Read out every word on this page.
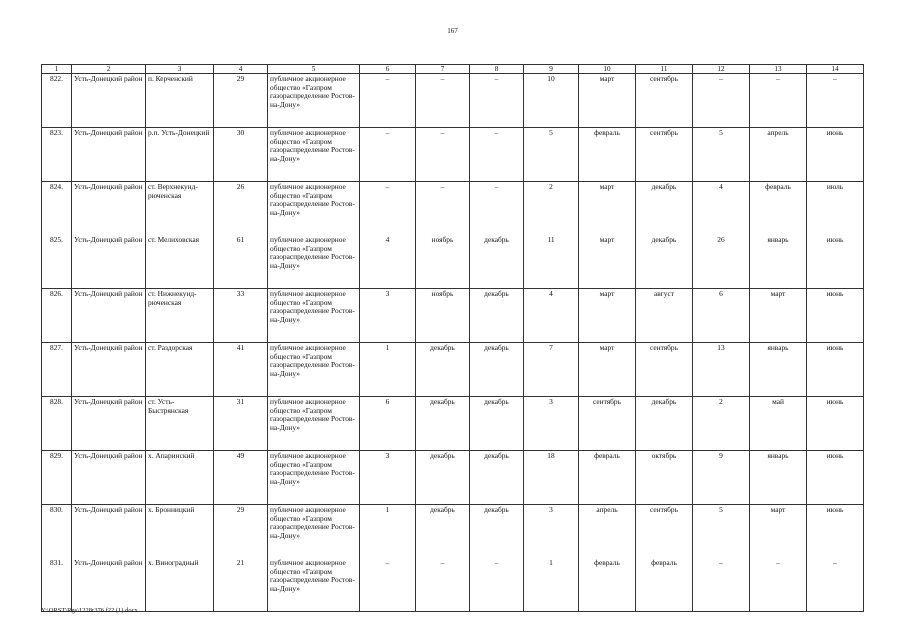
167
1	2	3	4	5	6	7	8	9	10	11	12	13	14
822.	Усть-Донецкий район	п. Керченский	29	публичное акционерное общество «Газпром газораспределение Ростов-на-Дону»	–	–	–	10	март	сентябрь	–	–	–
823.	Усть-Донецкий район	р.п. Усть-Донецкий	30	публичное акционерное общество «Газпром газораспределение Ростов-на-Дону»	–	–	–	5	февраль	сентябрь	5	апрель	июнь
824.	Усть-Донецкий район	ст. Верхнекунд-рюченская	26	публичное акционерное общество «Газпром газораспределение Ростов-на-Дону»	–	–	–	2	март	декабрь	4	февраль	июль
825.	Усть-Донецкий район	ст. Мелиховская	61	публичное акционерное общество «Газпром газораспределение Ростов-на-Дону»	4	ноябрь	декабрь	11	март	декабрь	26	январь	июнь
826.	Усть-Донецкий район	ст. Нижнекунд-рюченская	33	публичное акционерное общество «Газпром газораспределение Ростов-на-Дону»	3	ноябрь	декабрь	4	март	август	6	март	июнь
827.	Усть-Донецкий район	ст. Раздорская	41	публичное акционерное общество «Газпром газораспределение Ростов-на-Дону»	1	декабрь	декабрь	7	март	сентябрь	13	январь	июнь
828.	Усть-Донецкий район	ст. Усть-Быстрянская	31	публичное акционерное общество «Газпром газораспределение Ростов-на-Дону»	6	декабрь	декабрь	3	сентябрь	декабрь	2	май	июнь
829.	Усть-Донецкий район	х. Апаринский	49	публичное акционерное общество «Газпром газораспределение Ростов-на-Дону»	3	декабрь	декабрь	18	февраль	октябрь	9	январь	июнь
830.	Усть-Донецкий район	х. Бронницкий	29	публичное акционерное общество «Газпром газораспределение Ростов-на-Дону»	1	декабрь	декабрь	3	апрель	сентябрь	5	март	июнь
831.	Усть-Донецкий район	х. Виноградный	21	публичное акционерное общество «Газпром газораспределение Ростов-на-Дону»	–	–	–	1	февраль	февраль	–	–	–
Y:\ORST\Rgs\1228r376.f22 (1).docx
